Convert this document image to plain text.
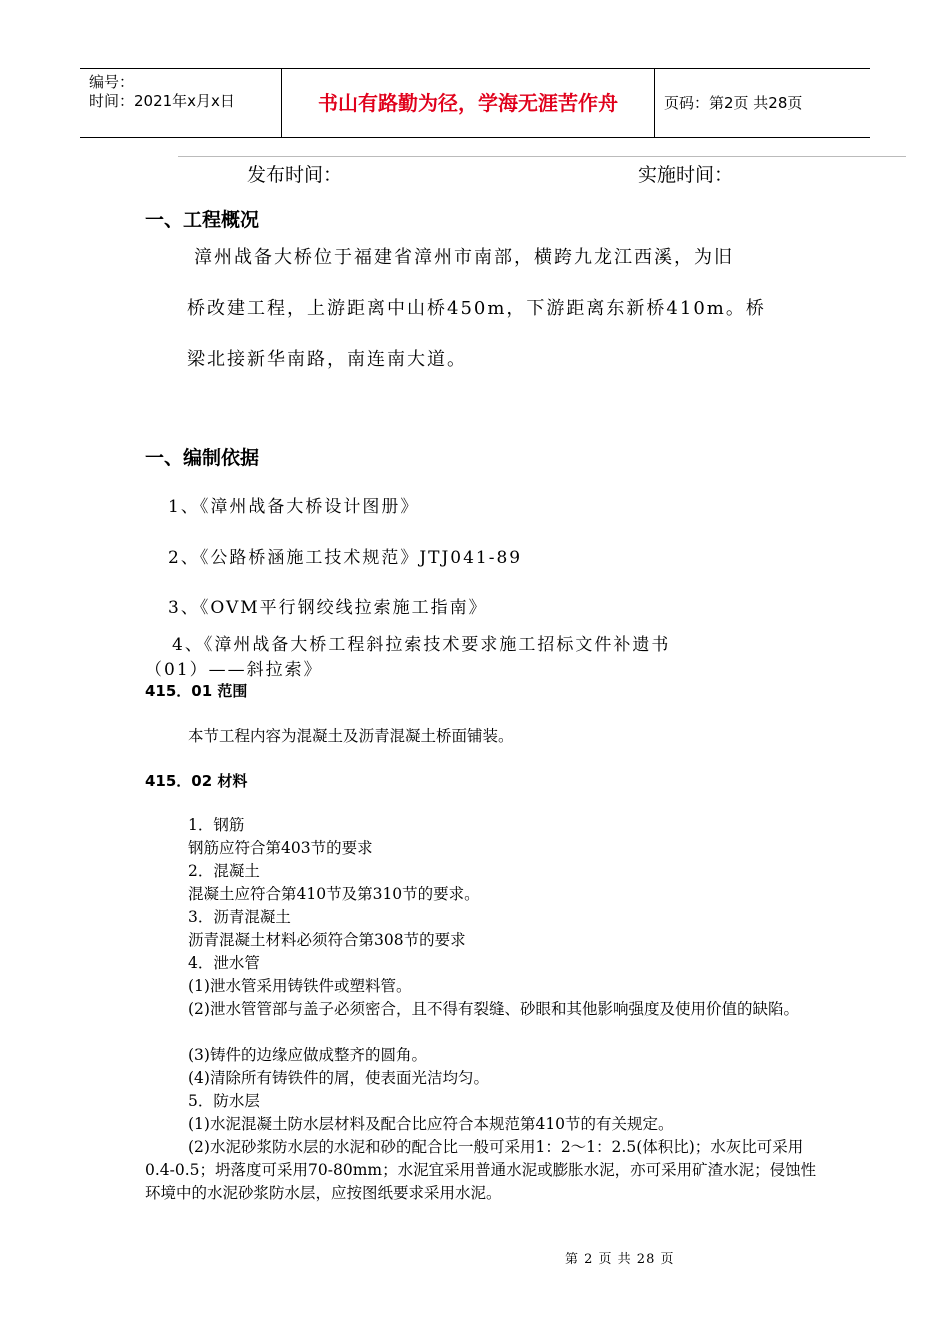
编号：
时间：2021年x月x日	书山有路勤为径，学海无涯苦作舟	页码：第2页 共28页
发布时间：	实施时间：
一、工程概况
漳州战备大桥位于福建省漳州市南部，横跨九龙江西溪，为旧
桥改建工程，上游距离中山桥450m，下游距离东新桥410m。桥
梁北接新华南路，南连南大道。
一、编制依据
1、《漳州战备大桥设计图册》
2、《公路桥涵施工技术规范》JTJ041-89
3、《OVM平行钢绞线拉索施工指南》
4、《漳州战备大桥工程斜拉索技术要求施工招标文件补遗书
（01）——斜拉索》
415．01 范围
本节工程内容为混凝土及沥青混凝土桥面铺装。
415．02 材料
1．钢筋
钢筋应符合第403节的要求
2．混凝土
混凝土应符合第410节及第310节的要求。
3．沥青混凝土
沥青混凝土材料必须符合第308节的要求
4．泄水管
(1)泄水管采用铸铁件或塑料管。
(2)泄水管管部与盖子必须密合，且不得有裂缝、砂眼和其他影响强度及使用价值的缺陷。
(3)铸件的边缘应做成整齐的圆角。
(4)清除所有铸铁件的屑，使表面光洁均匀。
5．防水层
(1)水泥混凝土防水层材料及配合比应符合本规范第410节的有关规定。
(2)水泥砂浆防水层的水泥和砂的配合比一般可采用1：2～1：2.5(体积比)；水灰比可采用0.4-0.5；坍落度可采用70-80mm；水泥宜采用普通水泥或膨胀水泥，亦可采用矿渣水泥；侵蚀性环境中的水泥砂浆防水层，应按图纸要求采用水泥。
第 2 页 共 28 页
